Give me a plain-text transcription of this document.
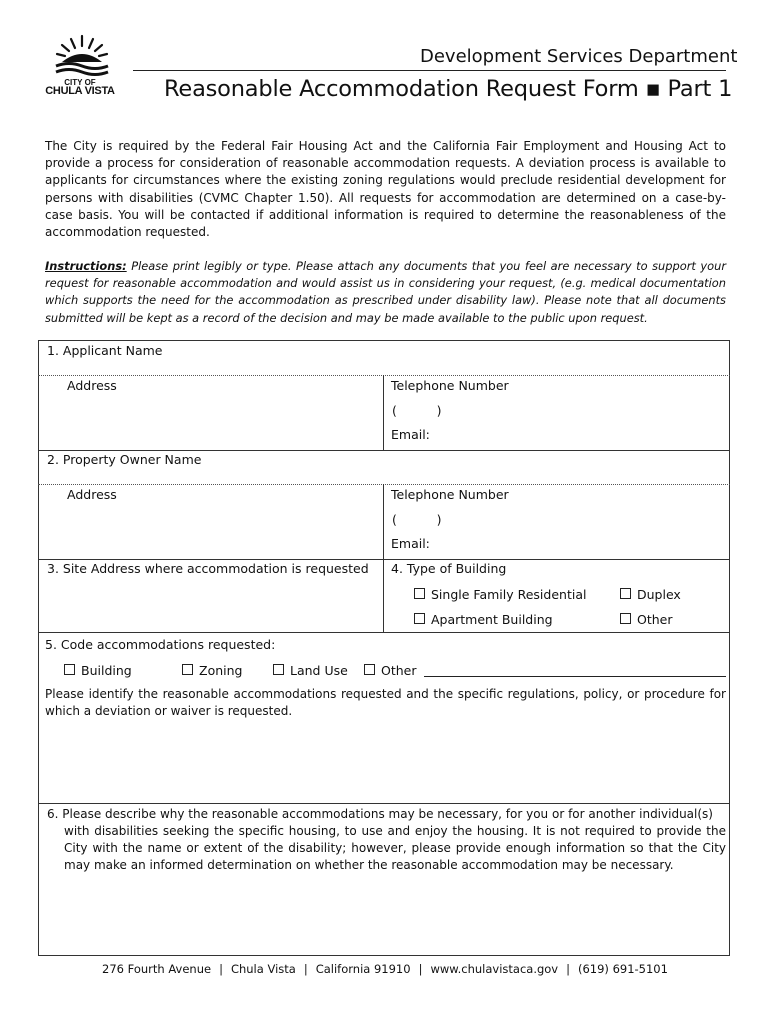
CITY OF
CHULA VISTA
Development Services Department
Reasonable Accommodation Request Form ▪ Part 1
The City is required by the Federal Fair Housing Act and the California Fair Employment and Housing Act to provide a process for consideration of reasonable accommodation requests. A deviation process is available to applicants for circumstances where the existing zoning regulations would preclude residential development for persons with disabilities (CVMC Chapter 1.50). All requests for accommodation are determined on a case-by-case basis. You will be contacted if additional information is required to determine the reasonableness of the accommodation requested.
Instructions: Please print legibly or type. Please attach any documents that you feel are necessary to support your request for reasonable accommodation and would assist us in considering your request, (e.g. medical documentation which supports the need for the accommodation as prescribed under disability law). Please note that all documents submitted will be kept as a record of the decision and may be made available to the public upon request.
1. Applicant Name
Address	Telephone Number
(          )
Email:
2. Property Owner Name
Address	Telephone Number
(          )
Email:
3. Site Address where accommodation is requested 4. Type of Building
Single Family Residential	Duplex
Apartment Building	Other
5. Code accommodations requested:
Building	Zoning	Land Use	Other
Please identify the reasonable accommodations requested and the specific regulations, policy, or procedure for which a deviation or waiver is requested.
6. Please describe why the reasonable accommodations may be necessary, for you or for another individual(s)
with disabilities seeking the specific housing, to use and enjoy the housing. It is not required to provide the City with the name or extent of the disability; however, please provide enough information so that the City may make an informed determination on whether the reasonable accommodation may be necessary.
276 Fourth Avenue | Chula Vista | California 91910 | www.chulavistaca.gov | (619) 691-5101
